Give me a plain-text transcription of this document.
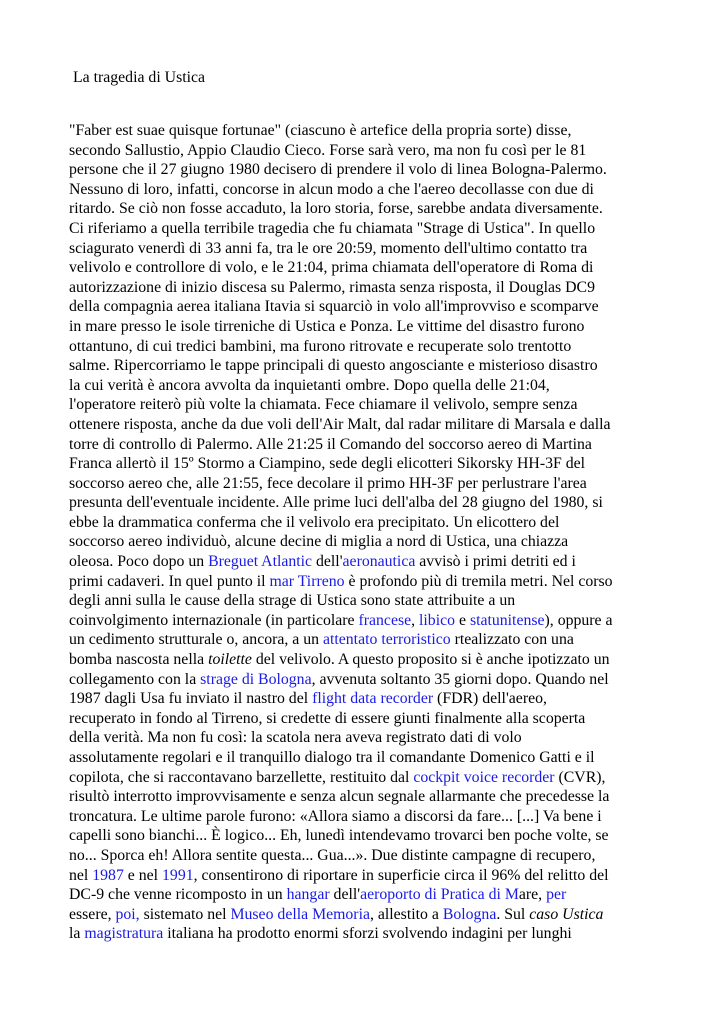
La tragedia di Ustica
"Faber est suae quisque fortunae" (ciascuno è artefice della propria sorte) disse,
secondo Sallustio, Appio Claudio Cieco. Forse sarà vero, ma non fu così per le 81
persone che il 27 giugno 1980 decisero di prendere il volo di linea Bologna-Palermo.
Nessuno di loro, infatti, concorse in alcun modo a che l'aereo decollasse con due di
ritardo. Se ciò non fosse accaduto, la loro storia, forse, sarebbe andata diversamente.
Ci riferiamo a quella terribile tragedia che fu chiamata "Strage di Ustica". In quello
sciagurato venerdì di 33 anni fa, tra le ore 20:59, momento dell'ultimo contatto tra
velivolo e controllore di volo, e le 21:04, prima chiamata dell'operatore di Roma di
autorizzazione di inizio discesa su Palermo, rimasta senza risposta, il Douglas DC9
della compagnia aerea italiana Itavia si squarciò in volo all'improvviso e scomparve
in mare presso le isole tirreniche di Ustica e Ponza. Le vittime del disastro furono
ottantuno, di cui tredici bambini, ma furono ritrovate e recuperate solo trentotto
salme. Ripercorriamo le tappe principali di questo angosciante e misterioso disastro
la cui verità è ancora avvolta da inquietanti ombre. Dopo quella delle 21:04,
l'operatore reiterò più volte la chiamata. Fece chiamare il velivolo, sempre senza
ottenere risposta, anche da due voli dell'Air Malt, dal radar militare di Marsala e dalla
torre di controllo di Palermo. Alle 21:25 il Comando del soccorso aereo di Martina
Franca allertò il 15º Stormo a Ciampino, sede degli elicotteri Sikorsky HH-3F del
soccorso aereo che, alle 21:55, fece decolare il primo HH-3F per perlustrare l'area
presunta dell'eventuale incidente. Alle prime luci dell'alba del 28 giugno del 1980, si
ebbe la drammatica conferma che il velivolo era precipitato. Un elicottero del
soccorso aereo individuò, alcune decine di miglia a nord di Ustica, una chiazza
oleosa. Poco dopo un Breguet Atlantic dell'aeronautica avvisò i primi detriti ed i
primi cadaveri. In quel punto il mar Tirreno è profondo più di tremila metri. Nel corso
degli anni sulla le cause della strage di Ustica sono state attribuite a un
coinvolgimento internazionale (in particolare francese, libico e statunitense), oppure a
un cedimento strutturale o, ancora, a un attentato terroristico rtealizzato con una
bomba nascosta nella toilette del velivolo. A questo proposito si è anche ipotizzato un
collegamento con la strage di Bologna, avvenuta soltanto 35 giorni dopo. Quando nel
1987 dagli Usa fu inviato il nastro del flight data recorder (FDR) dell'aereo,
recuperato in fondo al Tirreno, si credette di essere giunti finalmente alla scoperta
della verità. Ma non fu così: la scatola nera aveva registrato dati di volo
assolutamente regolari e il tranquillo dialogo tra il comandante Domenico Gatti e il
copilota, che si raccontavano barzellette, restituito dal cockpit voice recorder (CVR),
risultò interrotto improvvisamente e senza alcun segnale allarmante che precedesse la
troncatura. Le ultime parole furono: «Allora siamo a discorsi da fare... [...] Va bene i
capelli sono bianchi... È logico... Eh, lunedì intendevamo trovarci ben poche volte, se
no... Sporca eh! Allora sentite questa... Gua...». Due distinte campagne di recupero,
nel 1987 e nel 1991, consentirono di riportare in superficie circa il 96% del relitto del
DC-9 che venne ricomposto in un hangar dell'aeroporto di Pratica di Mare, per
essere, poi, sistemato nel Museo della Memoria, allestito a Bologna. Sul caso Ustica
la magistratura italiana ha prodotto enormi sforzi svolvendo indagini per lunghi
